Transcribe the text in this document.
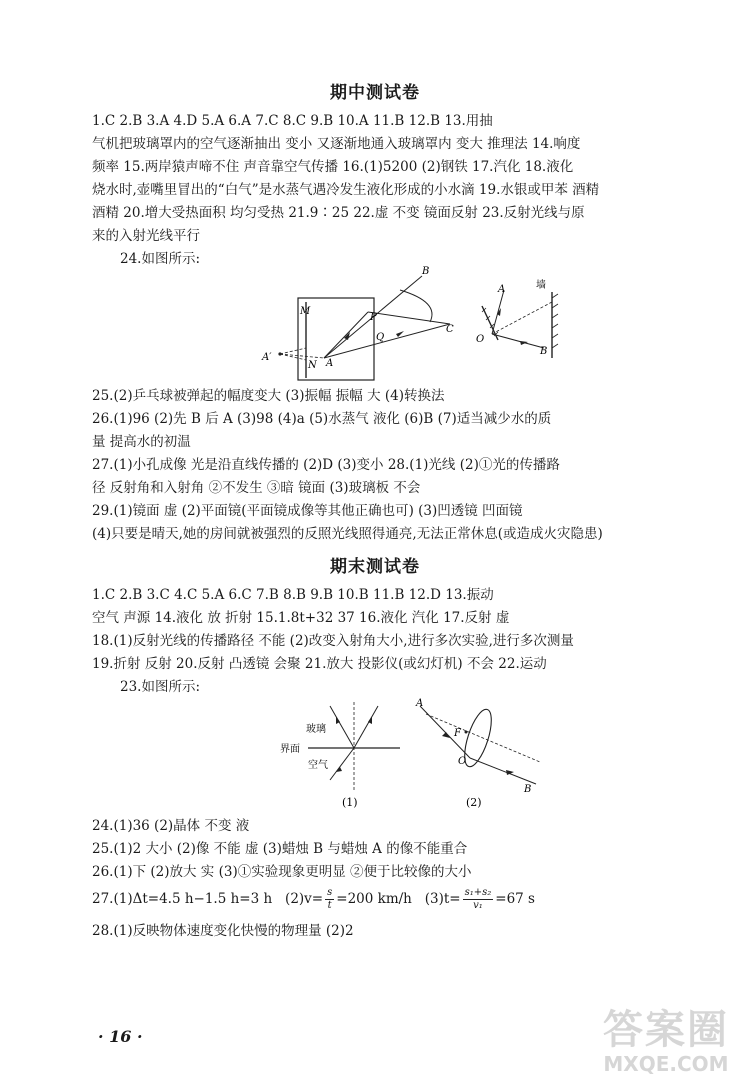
期中测试卷
1.C 2.B 3.A 4.D 5.A 6.A 7.C 8.C 9.B 10.A 11.B 12.B 13.用抽
气机把玻璃罩内的空气逐渐抽出 变小 又逐渐地通入玻璃罩内 变大 推理法 14.响度
频率 15.两岸猿声啼不住 声音靠空气传播 16.(1)5200 (2)钢铁 17.汽化 18.液化
烧水时,壶嘴里冒出的“白气”是水蒸气遇冷发生液化形成的小水滴 19.水银或甲苯 酒精
酒精 20.增大受热面积 均匀受热 21.9∶25 22.虚 不变 镜面反射 23.反射光线与原
来的入射光线平行
24.如图所示:
B
M
P
C
Q
A′
N A
A	墙
O
B
25.(2)乒乓球被弹起的幅度变大 (3)振幅 振幅 大 (4)转换法
26.(1)96 (2)先 B 后 A (3)98 (4)a (5)水蒸气 液化 (6)B (7)适当减少水的质
量 提高水的初温
27.(1)小孔成像 光是沿直线传播的 (2)D (3)变小 28.(1)光线 (2)①光的传播路
径 反射角和入射角 ②不发生 ③暗 镜面 (3)玻璃板 不会
29.(1)镜面 虚 (2)平面镜(平面镜成像等其他正确也可) (3)凹透镜 凹面镜
(4)只要是晴天,她的房间就被强烈的反照光线照得通亮,无法正常休息(或造成火灾隐患)
期末测试卷
1.C 2.B 3.C 4.C 5.A 6.C 7.B 8.B 9.B 10.B 11.B 12.D 13.振动
空气 声源 14.液化 放 折射 15.1.8t+32 37 16.液化 汽化 17.反射 虚
18.(1)反射光线的传播路径 不能 (2)改变入射角大小,进行多次实验,进行多次测量
19.折射 反射 20.反射 凸透镜 会聚 21.放大 投影仪(或幻灯机) 不会 22.运动
23.如图所示:
玻璃
界面
空气
(1)
A
F
O
B
(2)
24.(1)36 (2)晶体 不变 液
25.(1)2 大小 (2)像 不能 虚 (3)蜡烛 B 与蜡烛 A 的像不能重合
26.(1)下 (2)放大 实 (3)①实验现象更明显 ②便于比较像的大小
27.(1)Δt=4.5 h−1.5 h=3 h   $(2)v= \frac{s}{t} =200$ km/h   $(3)t= \frac{\text{s₁+s₂}}{\text{v₁}} =67$ s
28.(1)反映物体速度变化快慢的物理量 (2)2
· 16 ·	答案圈
MXQE.COM
